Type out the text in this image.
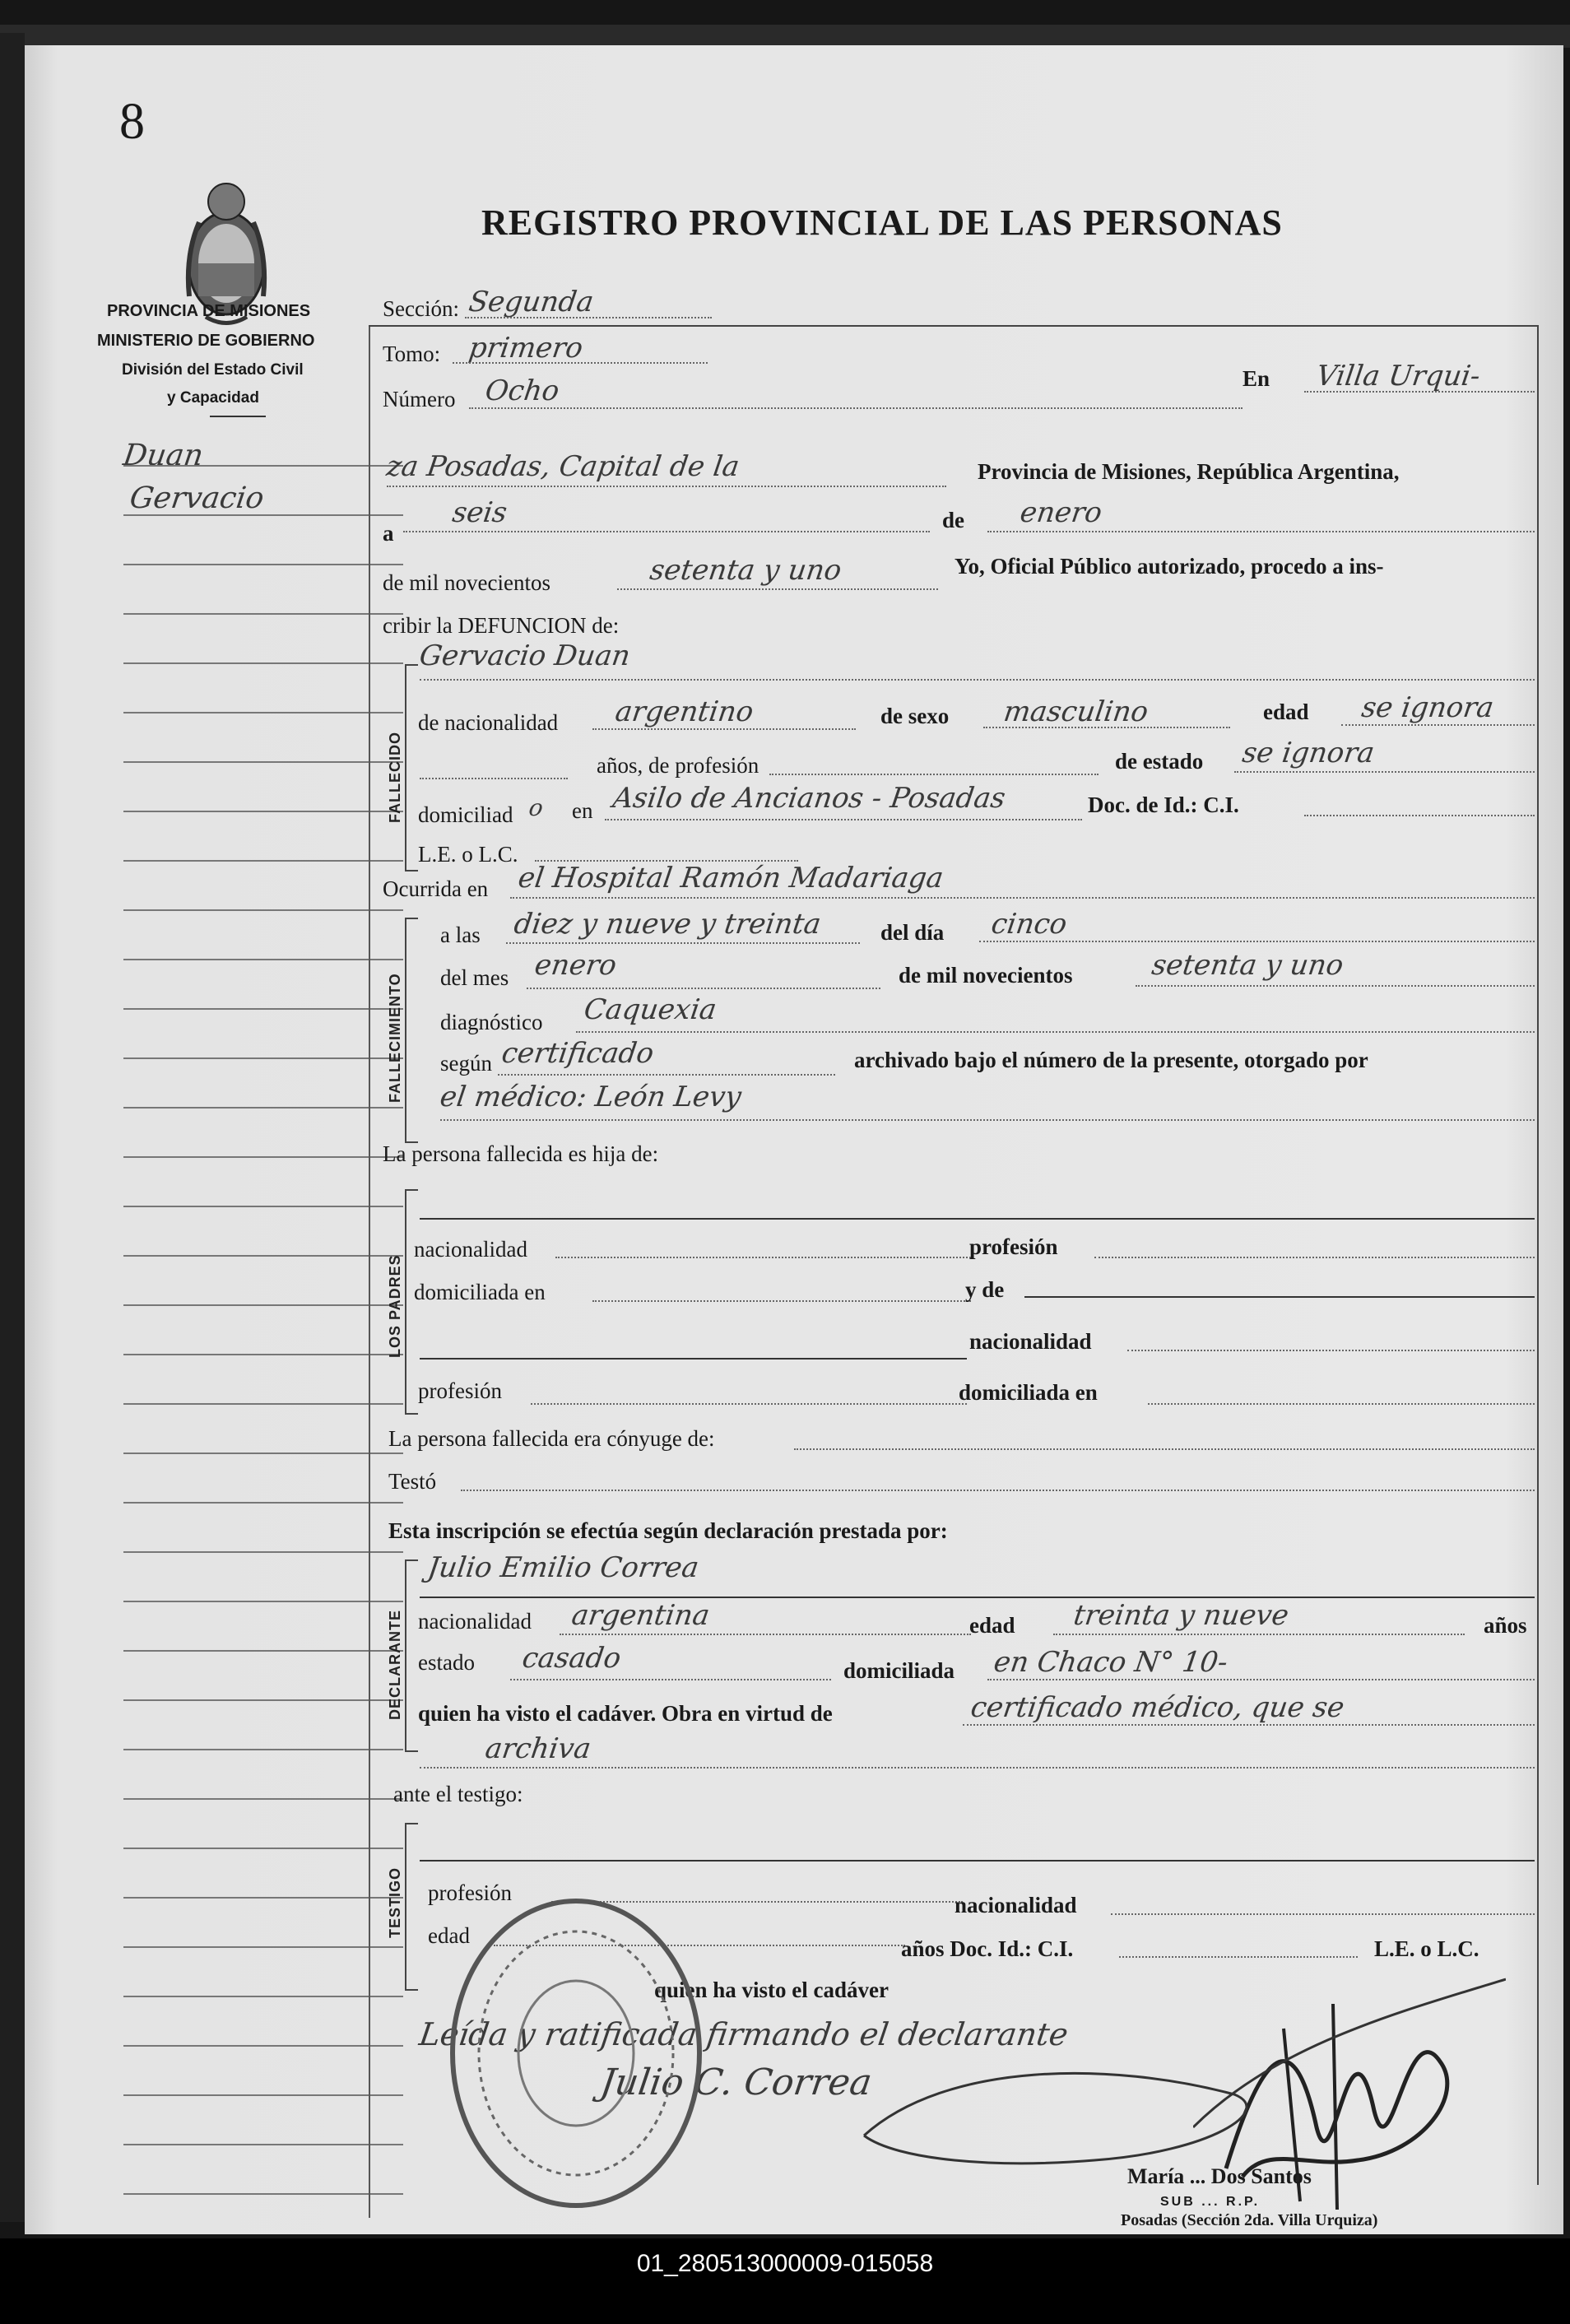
8
REGISTRO PROVINCIAL DE LAS PERSONAS
PROVINCIA DE MISIONES
MINISTERIO DE GOBIERNO
División del Estado Civil
y Capacidad
Duan
Gervacio
Sección: Segunda
Tomo: primero
Número Ocho	En Villa Urqui-
za Posadas, Capital de la	Provincia de Misiones, República Argentina,
a
seis	de enero
de mil novecientos	setenta y uno	Yo, Oficial Público autorizado, procedo a ins-
cribir la DEFUNCION de:
FALLECIDO
Gervacio Duan
de nacionalidad argentino	de sexo masculino	edad se ignora
años, de profesión	de estado se ignora
domiciliad o en Asilo de Ancianos - Posadas	Doc. de Id.: C.I.
L.E. o L.C.
Ocurrida en el Hospital Ramón Madariaga
FALLECIMIENTO
a las diez y nueve y treinta	del día cinco
del mes enero	de mil novecientos	setenta y uno
diagnóstico Caquexia
según certificado	archivado bajo el número de la presente, otorgado por
el médico: León Levy
La persona fallecida es hija de:
LOS PADRES
nacionalidad	profesión
domiciliada en	y de
nacionalidad
profesión	domiciliada en
La persona fallecida era cónyuge de:
Testó
Esta inscripción se efectúa según declaración prestada por:
DECLARANTE
Julio Emilio Correa
nacionalidad argentina	edad treinta y nueve	años
estado casado	domiciliada en Chaco N° 10-
quien ha visto el cadáver. Obra en virtud de	certificado médico, que se
archiva
ante el testigo:
TESTIGO profesión	nacionalidad
edad
años Doc. Id.: C.I.	L.E. o L.C.
quien ha visto el cadáver
Leída y ratificada firmando el declarante
Julio C. Correa
María ... Dos Santos
SUB ... R.P.
Posadas (Sección 2da. Villa Urquiza)
01_280513000009-015058
